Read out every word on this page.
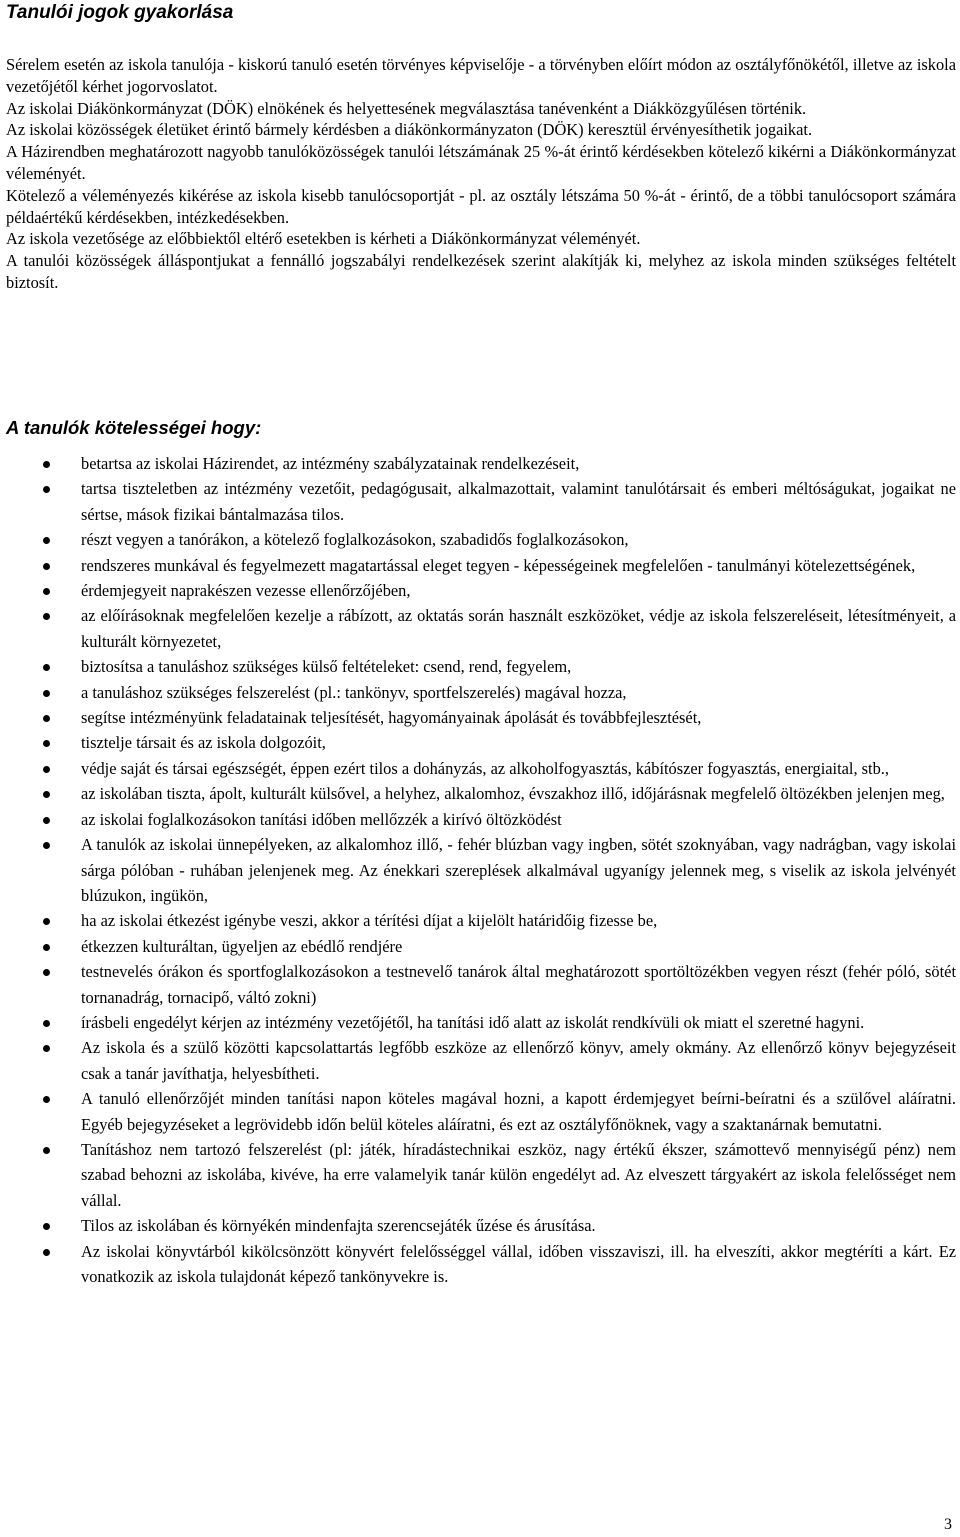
Tanulói jogok gyakorlása

Sérelem esetén az iskola tanulója - kiskorú tanuló esetén törvényes képviselője - a törvényben előírt módon az osztályfőnökétől, illetve az iskola vezetőjétől kérhet jogorvoslatot.

Az iskolai Diákönkormányzat (DÖK) elnökének és helyettesének megválasztása tanévenként a Diákközgyűlésen történik.

Az iskolai közösségek életüket érintő bármely kérdésben a diákönkormányzaton (DÖK) keresztül érvényesíthetik jogaikat.

A Házirendben meghatározott nagyobb tanulóközösségek tanulói létszámának 25 %-át érintő kérdésekben kötelező kikérni a Diákönkormányzat véleményét.

Kötelező a véleményezés kikérése az iskola kisebb tanulócsoportját - pl. az osztály létszáma 50 %-át - érintő, de a többi tanulócsoport számára példaértékű kérdésekben, intézkedésekben.

Az iskola vezetősége az előbbiektől eltérő esetekben is kérheti a Diákönkormányzat véleményét.

A tanulói közösségek álláspontjukat a fennálló jogszabályi rendelkezések szerint alakítják ki, melyhez az iskola minden szükséges feltételt biztosít.

A tanulók kötelességei hogy:
betartsa az iskolai Házirendet, az intézmény szabályzatainak rendelkezéseit,
tartsa tiszteletben az intézmény vezetőit, pedagógusait, alkalmazottait, valamint tanulótársait és emberi méltóságukat, jogaikat ne sértse, mások fizikai bántalmazása tilos.
részt vegyen a tanórákon, a kötelező foglalkozásokon, szabadidős foglalkozásokon,
rendszeres munkával és fegyelmezett magatartással eleget tegyen - képességeinek megfelelően - tanulmányi kötelezettségének,
érdemjegyeit naprakészen vezesse ellenőrzőjében,
az előírásoknak megfelelően kezelje a rábízott, az oktatás során használt eszközöket, védje az iskola felszereléseit, létesítményeit, a kulturált környezetet,
biztosítsa a tanuláshoz szükséges külső feltételeket: csend, rend, fegyelem,
a tanuláshoz szükséges felszerelést (pl.: tankönyv, sportfelszerelés) magával hozza,
segítse intézményünk feladatainak teljesítését, hagyományainak ápolását és továbbfejlesztését,
tisztelje társait és az iskola dolgozóit,
védje saját és társai egészségét, éppen ezért tilos a dohányzás, az alkoholfogyasztás, kábítószer fogyasztás, energiaital, stb.,
az iskolában tiszta, ápolt, kulturált külsővel, a helyhez, alkalomhoz, évszakhoz illő, időjárásnak megfelelő öltözékben jelenjen meg,
az iskolai foglalkozásokon tanítási időben mellőzzék a kirívó öltözködést
A tanulók az iskolai ünnepélyeken, az alkalomhoz illő, - fehér blúzban vagy ingben, sötét szoknyában, vagy nadrágban, vagy iskolai sárga pólóban - ruhában jelenjenek meg. Az énekkari szereplések alkalmával ugyanígy jelennek meg, s viselik az iskola jelvényét blúzukon, ingükön,
ha az iskolai étkezést igénybe veszi, akkor a térítési díjat a kijelölt határidőig fizesse be,
étkezzen kulturáltan, ügyeljen az ebédlő rendjére
testnevelés órákon és sportfoglalkozásokon a testnevelő tanárok által meghatározott sportöltözékben vegyen részt (fehér póló, sötét tornanadrág, tornacipő, váltó zokni)
írásbeli engedélyt kérjen az intézmény vezetőjétől, ha tanítási idő alatt az iskolát rendkívüli ok miatt el szeretné hagyni.
Az iskola és a szülő közötti kapcsolattartás legfőbb eszköze az ellenőrző könyv, amely okmány. Az ellenőrző könyv bejegyzéseit csak a tanár javíthatja, helyesbítheti.
A tanuló ellenőrzőjét minden tanítási napon köteles magával hozni, a kapott érdemjegyet beírni-beíratni és a szülővel aláíratni. Egyéb bejegyzéseket a legrövidebb időn belül köteles aláíratni, és ezt az osztályfőnöknek, vagy a szaktanárnak bemutatni.
Tanításhoz nem tartozó felszerelést (pl: játék, híradástechnikai eszköz, nagy értékű ékszer, számottevő mennyiségű pénz) nem szabad behozni az iskolába, kivéve, ha erre valamelyik tanár külön engedélyt ad. Az elveszett tárgyakért az iskola felelősséget nem vállal.
Tilos az iskolában és környékén mindenfajta szerencsejáték űzése és árusítása.
Az iskolai könyvtárból kikölcsönzött könyvért felelősséggel vállal, időben visszaviszi, ill. ha elveszíti, akkor megtéríti a kárt. Ez vonatkozik az iskola tulajdonát képező tankönyvekre is.
3
